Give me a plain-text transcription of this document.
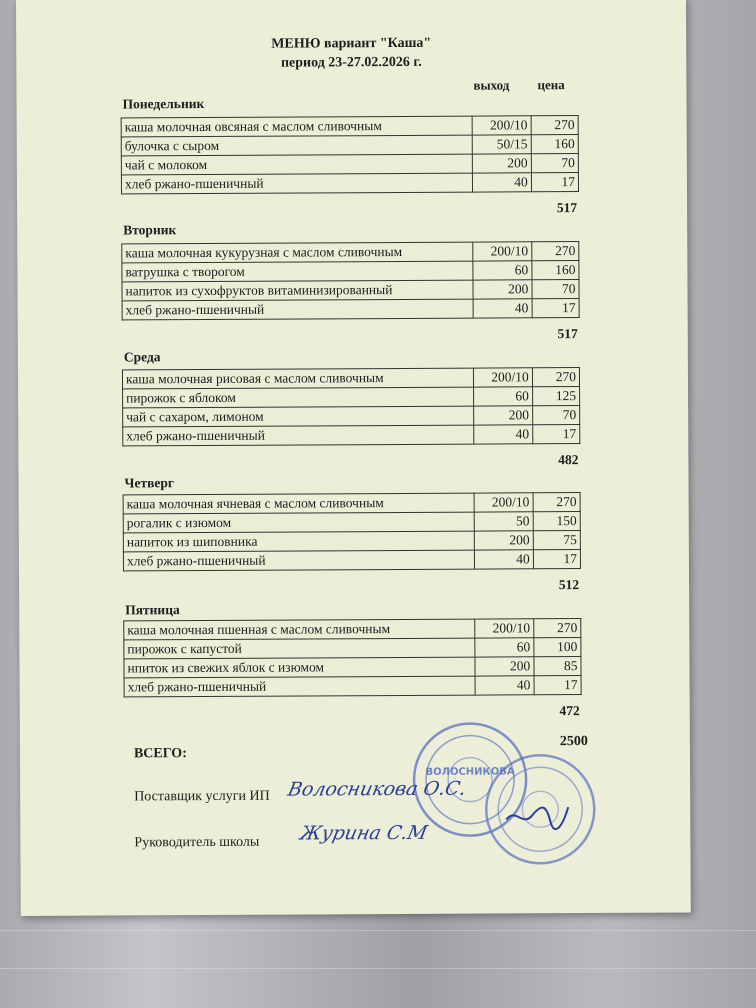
МЕНЮ вариант "Каша"
период 23-27.02.2026 г.
выход цена
Понедельник
каша молочная овсяная с маслом сливочным	200/10	270
булочка с сыром	50/15	160
чай с молоком	200	70
хлеб ржано-пшеничный	40	17
517
Вторник
каша молочная кукурузная с маслом сливочным	200/10	270
ватрушка с творогом	60	160
напиток из сухофруктов витаминизированный	200	70
хлеб ржано-пшеничный	40	17
517
Среда
каша молочная рисовая с маслом сливочным	200/10	270
пирожок с яблоком	60	125
чай с сахаром, лимоном	200	70
хлеб ржано-пшеничный	40	17
482
Четверг
каша молочная ячневая с маслом сливочным	200/10	270
рогалик с изюмом	50	150
напиток из шиповника	200	75
хлеб ржано-пшеничный	40	17
512
Пятница
каша молочная пшенная с маслом сливочным	200/10	270
пирожок с капустой	60	100
нпиток из свежих яблок с изюмом	200	85
хлеб ржано-пшеничный	40	17
472
ВСЕГО:
2500
ВОЛОСНИКОВА
Поставщик услуги ИП Волосникова О.С.
Руководитель школы Журина С.М
